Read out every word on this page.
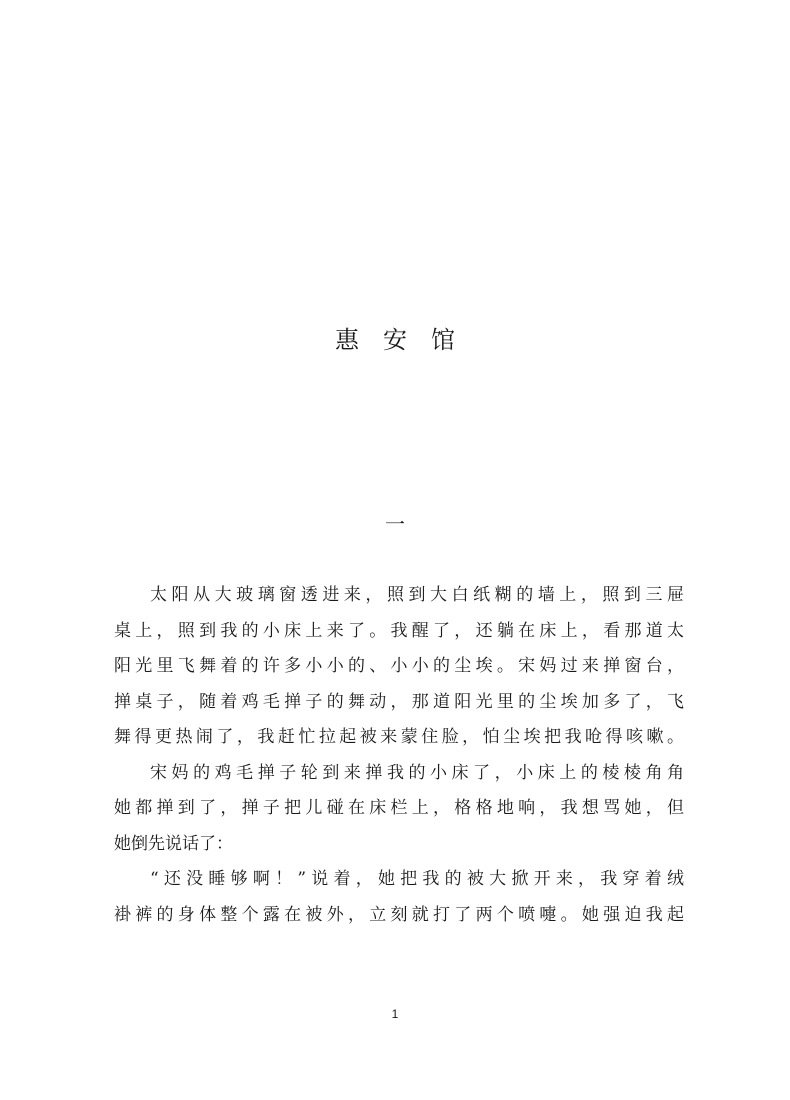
惠　安　馆
一
太阳从大玻璃窗透进来，照到大白纸糊的墙上，照到三屉
桌上，照到我的小床上来了。我醒了，还躺在床上，看那道太
阳光里飞舞着的许多小小的、小小的尘埃。宋妈过来掸窗台，
掸桌子，随着鸡毛掸子的舞动，那道阳光里的尘埃加多了，飞
舞得更热闹了，我赶忙拉起被来蒙住脸，怕尘埃把我呛得咳嗽。
宋妈的鸡毛掸子轮到来掸我的小床了，小床上的棱棱角角
她都掸到了，掸子把儿碰在床栏上，格格地响，我想骂她，但
她倒先说话了：
“还没睡够啊！”说着，她把我的被大掀开来，我穿着绒
褂裤的身体整个露在被外，立刻就打了两个喷嚏。她强迫我起
1
